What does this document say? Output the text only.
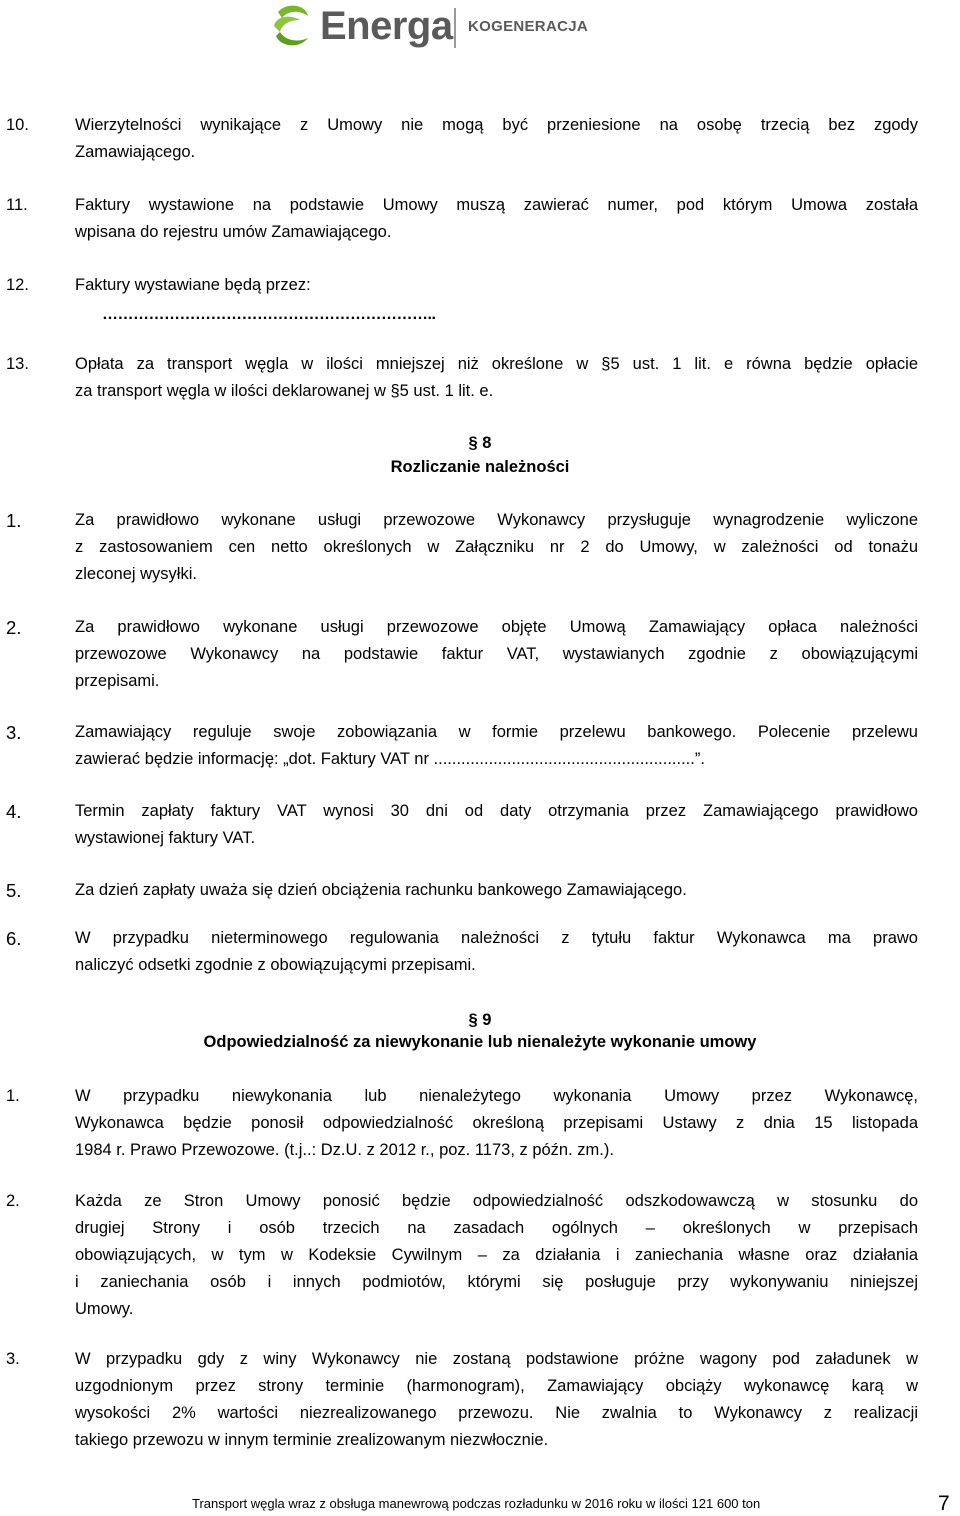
Energa KOGENERACJA
10.	Wierzytelności wynikające z Umowy nie mogą być przeniesione na osobę trzecią bez zgody
Zamawiającego.
11.	Faktury wystawione na podstawie Umowy muszą zawierać numer, pod którym Umowa została
wpisana do rejestru umów Zamawiającego.
12.	Faktury wystawiane będą przez:
………………………………………………………..
13.	Opłata za transport węgla w ilości mniejszej niż określone w §5 ust. 1 lit. e równa będzie opłacie
za transport węgla w ilości deklarowanej w §5 ust. 1 lit. e.
§ 8
Rozliczanie należności
1.	Za prawidłowo wykonane usługi przewozowe Wykonawcy przysługuje wynagrodzenie wyliczone
z zastosowaniem cen netto określonych w Załączniku nr 2 do Umowy, w zależności od tonażu
zleconej wysyłki.
2.	Za prawidłowo wykonane usługi przewozowe objęte Umową Zamawiający opłaca należności
przewozowe Wykonawcy na podstawie faktur VAT, wystawianych zgodnie z obowiązującymi
przepisami.
3.	Zamawiający reguluje swoje zobowiązania w formie przelewu bankowego. Polecenie przelewu
zawierać będzie informację: „dot. Faktury VAT nr .........................................................”.
4.	Termin zapłaty faktury VAT wynosi 30 dni od daty otrzymania przez Zamawiającego prawidłowo
wystawionej faktury VAT.
5.	Za dzień zapłaty uważa się dzień obciążenia rachunku bankowego Zamawiającego.
6.	W przypadku nieterminowego regulowania należności z tytułu faktur Wykonawca ma prawo
naliczyć odsetki zgodnie z obowiązującymi przepisami.
§ 9
Odpowiedzialność za niewykonanie lub nienależyte wykonanie umowy
1.	W przypadku niewykonania lub nienależytego wykonania Umowy przez Wykonawcę,
Wykonawca będzie ponosił odpowiedzialność określoną przepisami Ustawy z dnia 15 listopada
1984 r. Prawo Przewozowe. (t.j..: Dz.U. z 2012 r., poz. 1173, z późn. zm.).
2.	Każda ze Stron Umowy ponosić będzie odpowiedzialność odszkodowawczą w stosunku do
drugiej Strony i osób trzecich na zasadach ogólnych – określonych w przepisach
obowiązujących, w tym w Kodeksie Cywilnym – za działania i zaniechania własne oraz działania
i zaniechania osób i innych podmiotów, którymi się posługuje przy wykonywaniu niniejszej
Umowy.
3.	W przypadku gdy z winy Wykonawcy nie zostaną podstawione próżne wagony pod załadunek w
uzgodnionym przez strony terminie (harmonogram), Zamawiający obciąży wykonawcę karą w
wysokości 2% wartości niezrealizowanego przewozu. Nie zwalnia to Wykonawcy z realizacji
takiego przewozu w innym terminie zrealizowanym niezwłocznie.
Transport węgla wraz z obsługa manewrową podczas rozładunku w 2016 roku w ilości 121 600 ton	7
